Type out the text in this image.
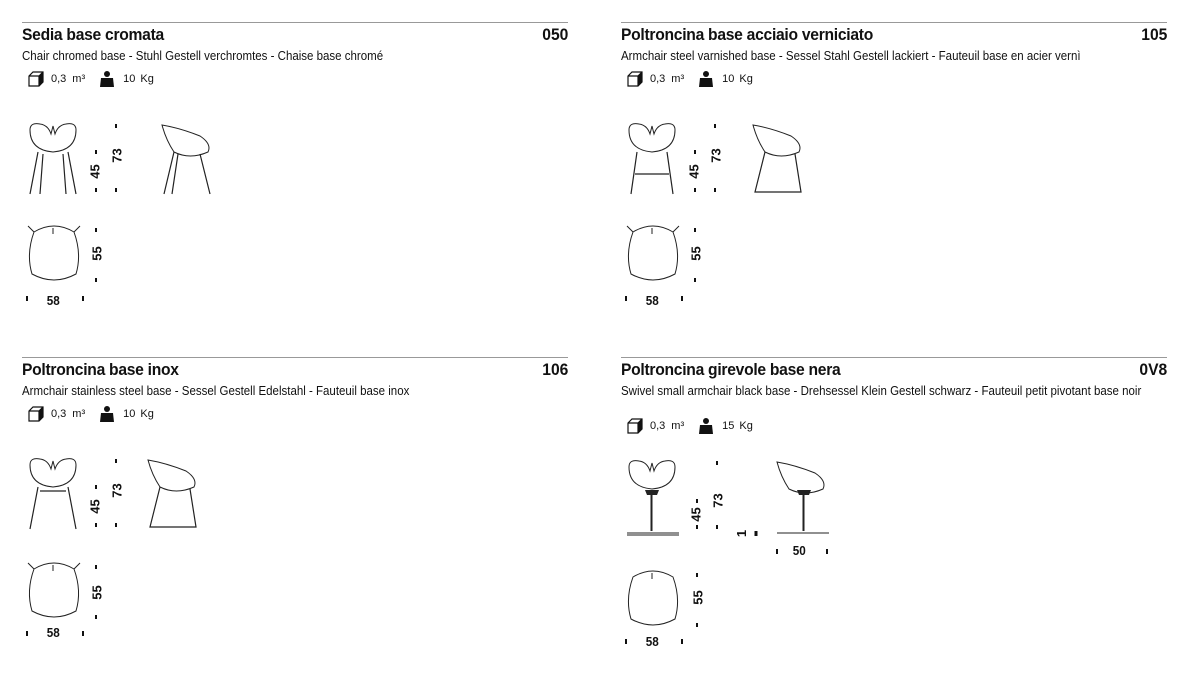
Sedia base cromata	050
Chair chromed base - Stuhl Gestell verchromtes - Chaise base chromé
0,3 m³	10 Kg
45
73
55
58
Poltroncina base acciaio verniciato	105
Armchair steel varnished base - Sessel Stahl Gestell lackiert - Fauteuil base en acier vernì
0,3 m³	10 Kg
45
73
55
58
Poltroncina base inox	106
Armchair stainless steel base - Sessel Gestell Edelstahl - Fauteuil base inox
0,3 m³	10 Kg
45
73
55
58
Poltroncina girevole base nera	0V8
Swivel small armchair black base - Drehsessel Klein Gestell schwarz - Fauteuil petit pivotant base noir
0,3 m³	15 Kg
45
73
1
50
55
58
